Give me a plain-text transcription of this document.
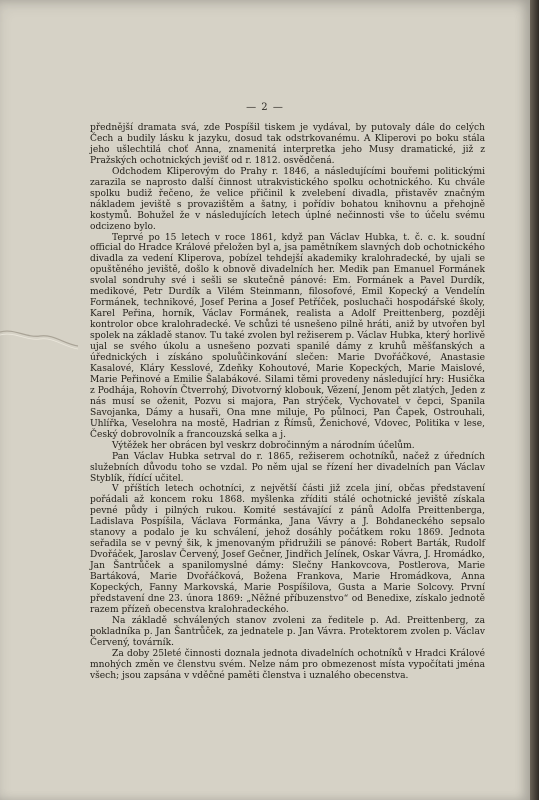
— 2 —

přednější dramata svá, zde Pospíšil tiskem je vydával, by putovaly dále do celých Čech a budily lásku k jazyku, dosud tak odstrkovanému. A Kliperovi po boku stála jeho ušlechtilá choť Anna, znamenitá interpretka jeho Musy dramatické, již z Pražských ochotnických jevišť od r. 1812. osvědčená.

Odchodem Kliperovým do Prahy r. 1846, a následujícími bouřemi politickými zarazila se naprosto další činnost utrakvistického spolku ochotnického. Ku chvále spolku budiž řečeno, že velice přičinil k zvelebení divadla, přistavěv značným nákladem jeviště s provazištěm a šatny, i pořídiv bohatou knihovnu a přehojně kostymů. Bohužel že v následujících letech úplné nečinnosti vše to účelu svému odcizeno bylo.

Teprvé po 15 letech v roce 1861, když pan Václav Hubka, t. č. c. k. soudní official do Hradce Králové přeložen byl a, jsa pamětníkem slavných dob ochotnického divadla za vedení Kliperova, pobízel tehdejší akademiky kralohradecké, by ujali se opuštěného jeviště, došlo k obnově divadelních her. Medik pan Emanuel Formánek svolal sondruhy své i sešli se skutečně pánové: Em. Formánek a Pavel Durdík, medikové, Petr Durdík a Vilém Steinmann, filosofové, Emil Kopecký a Vendelín Formánek, technikové, Josef Perina a Josef Petříček, posluchači hospodářské školy, Karel Peřina, horník, Václav Formánek, realista a Adolf Preittenberg, později kontrolor obce kralohradecké. Ve schůzi té usnešeno pilně hráti, aniž by utvořen byl spolek na základě stanov. Tu také zvolen byl režiserem p. Václav Hubka, který horlivě ujal se svého úkolu a usnešeno pozvati spanilé dámy z kruhů měšťanských a úřednických i získáno spoluůčinkování slečen: Marie Dvořáčkové, Anastasie Kasalové, Kláry Kesslové, Zdeňky Kohoutové, Marie Kopeckých, Marie Maislové, Marie Peřinové a Emilie Šalabákové. Silami těmi provedeny následující hry: Husička z Podhája, Rohovín Čtverrohý, Divotvorný klobouk, Vězení, Jenom pět zlatých, Jeden z nás musí se oženit, Pozvu si majora, Pan strýček, Vychovatel v čepci, Spanila Savojanka, Dámy a husaři, Ona mne miluje, Po půlnoci, Pan Čapek, Ostrouhali, Uhlířka, Veselohra na mostě, Hadrian z Římsů, Ženichové, Vdovec, Politika v lese, Český dobrovolník a francouzská selka a j.

Výtěžek her obrácen byl veskrz dobročinným a národním účelům.

Pan Václav Hubka setrval do r. 1865, režiserem ochotníků, načež z úředních služebních důvodu toho se vzdal. Po něm ujal se řízení her divadelních pan Václav Styblík, řídící učitel.

V příštích letech ochotníci, z největší části již zcela jiní, občas představení pořádali až koncem roku 1868. myšlenka zříditi stálé ochotnické jeviště získala pevné půdy i pilných rukou. Komité sestávající z pánů Adolfa Preittenberga, Ladislava Pospíšila, Václava Formánka, Jana Vávry a J. Bohdaneckého sepsalo stanovy a podalo je ku schválení, jehož dosáhly počátkem roku 1869. Jednota seřadila se v pevný šik, k jmenovaným přidružili se pánové: Robert Barták, Rudolf Dvořáček, Jaroslav Červený, Josef Gečner, Jindřich Jelínek, Oskar Vávra, J. Hromádko, Jan Šantrůček a spanilomyslné dámy: Slečny Hankovcova, Postlerova, Marie Bartáková, Marie Dvořáčková, Božena Frankova, Marie Hromádkova, Anna Kopeckých, Fanny Markovská, Marie Pospíšilova, Gusta a Marie Solcovy. První představení dne 23. února 1869: „Něžné příbuzenstvo“ od Benedixe, získalo jednotě razem přízeň obecenstva kralohradeckého.

Na základě schválených stanov zvoleni za ředitele p. Ad. Preittenberg, za pokladníka p. Jan Šantrůček, za jednatele p. Jan Vávra. Protektorem zvolen p. Václav Červený, továrník.

Za doby 25leté činnosti doznala jednota divadelních ochotníků v Hradci Králové mnohých změn ve členstvu svém. Nelze nám pro obmezenost místa vypočítati jména všech; jsou zapsána v vděčné paměti členstva i uznalého obecenstva.
